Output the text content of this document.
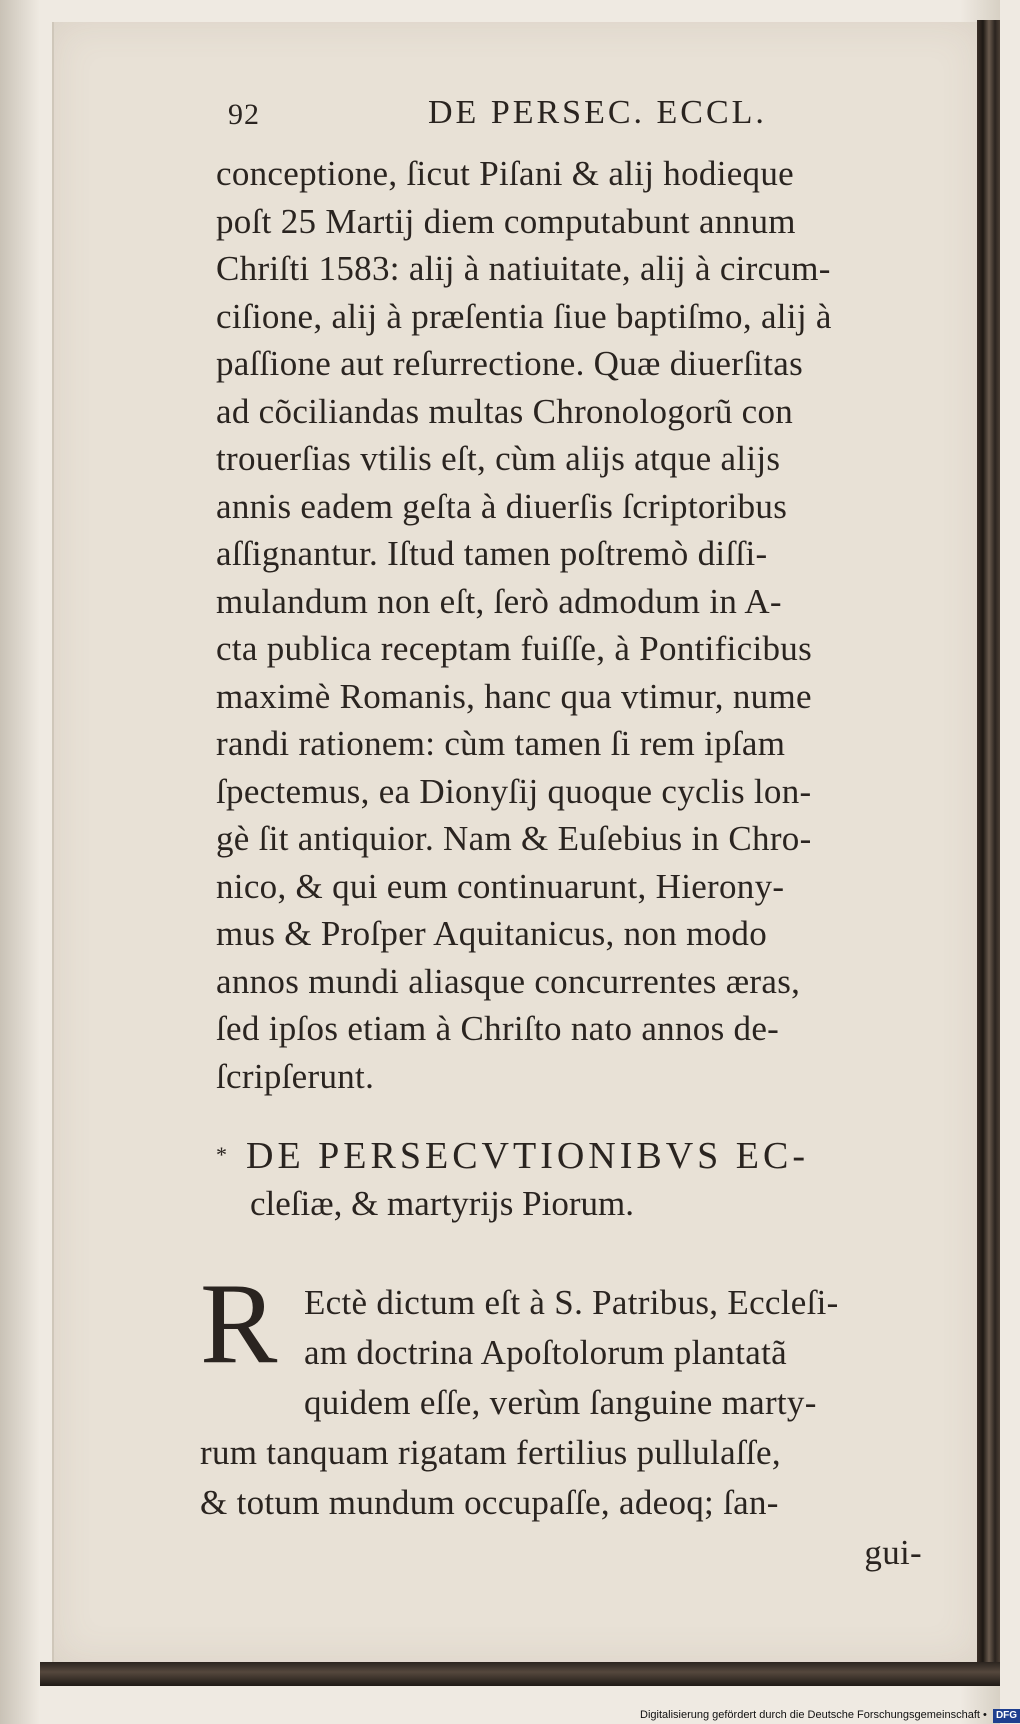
92	DE PERSEC. ECCL.
conceptione, ſicut Piſani & alij hodieque
poſt 25 Martij diem computabunt annum
Chriſti 1583: alij à natiuitate, alij à circum-
ciſione, alij à præſentia ſiue baptiſmo, alij à
paſſione aut reſurrectione. Quæ diuerſitas
ad cõciliandas multas Chronologorũ con
trouerſias vtilis eſt, cùm alijs atque alijs
annis eadem geſta à diuerſis ſcriptoribus
aſſignantur. Iſtud tamen poſtremò diſſi-
mulandum non eſt, ſerò admodum in A-
cta publica receptam fuiſſe, à Pontificibus
maximè Romanis, hanc qua vtimur, nume
randi rationem: cùm tamen ſi rem ipſam
ſpectemus, ea Dionyſij quoque cyclis lon-
gè ſit antiquior. Nam & Euſebius in Chro-
nico, & qui eum continuarunt, Hierony-
mus & Proſper Aquitanicus, non modo
annos mundi aliasque concurrentes æras,
ſed ipſos etiam à Chriſto nato annos de-
ſcripſerunt.
* DE PERSECVTIONIBVS EC-
cleſiæ, & martyrijs Piorum.
R Ectè dictum eſt à S. Patribus, Eccleſi-
am doctrina Apoſtolorum plantatã
quidem eſſe, verùm ſanguine marty-
rum tanquam rigatam fertilius pullulaſſe,
& totum mundum occupaſſe, adeoq; ſan-
gui-
Digitalisierung gefördert durch die Deutsche Forschungsgemeinschaft • DFG
